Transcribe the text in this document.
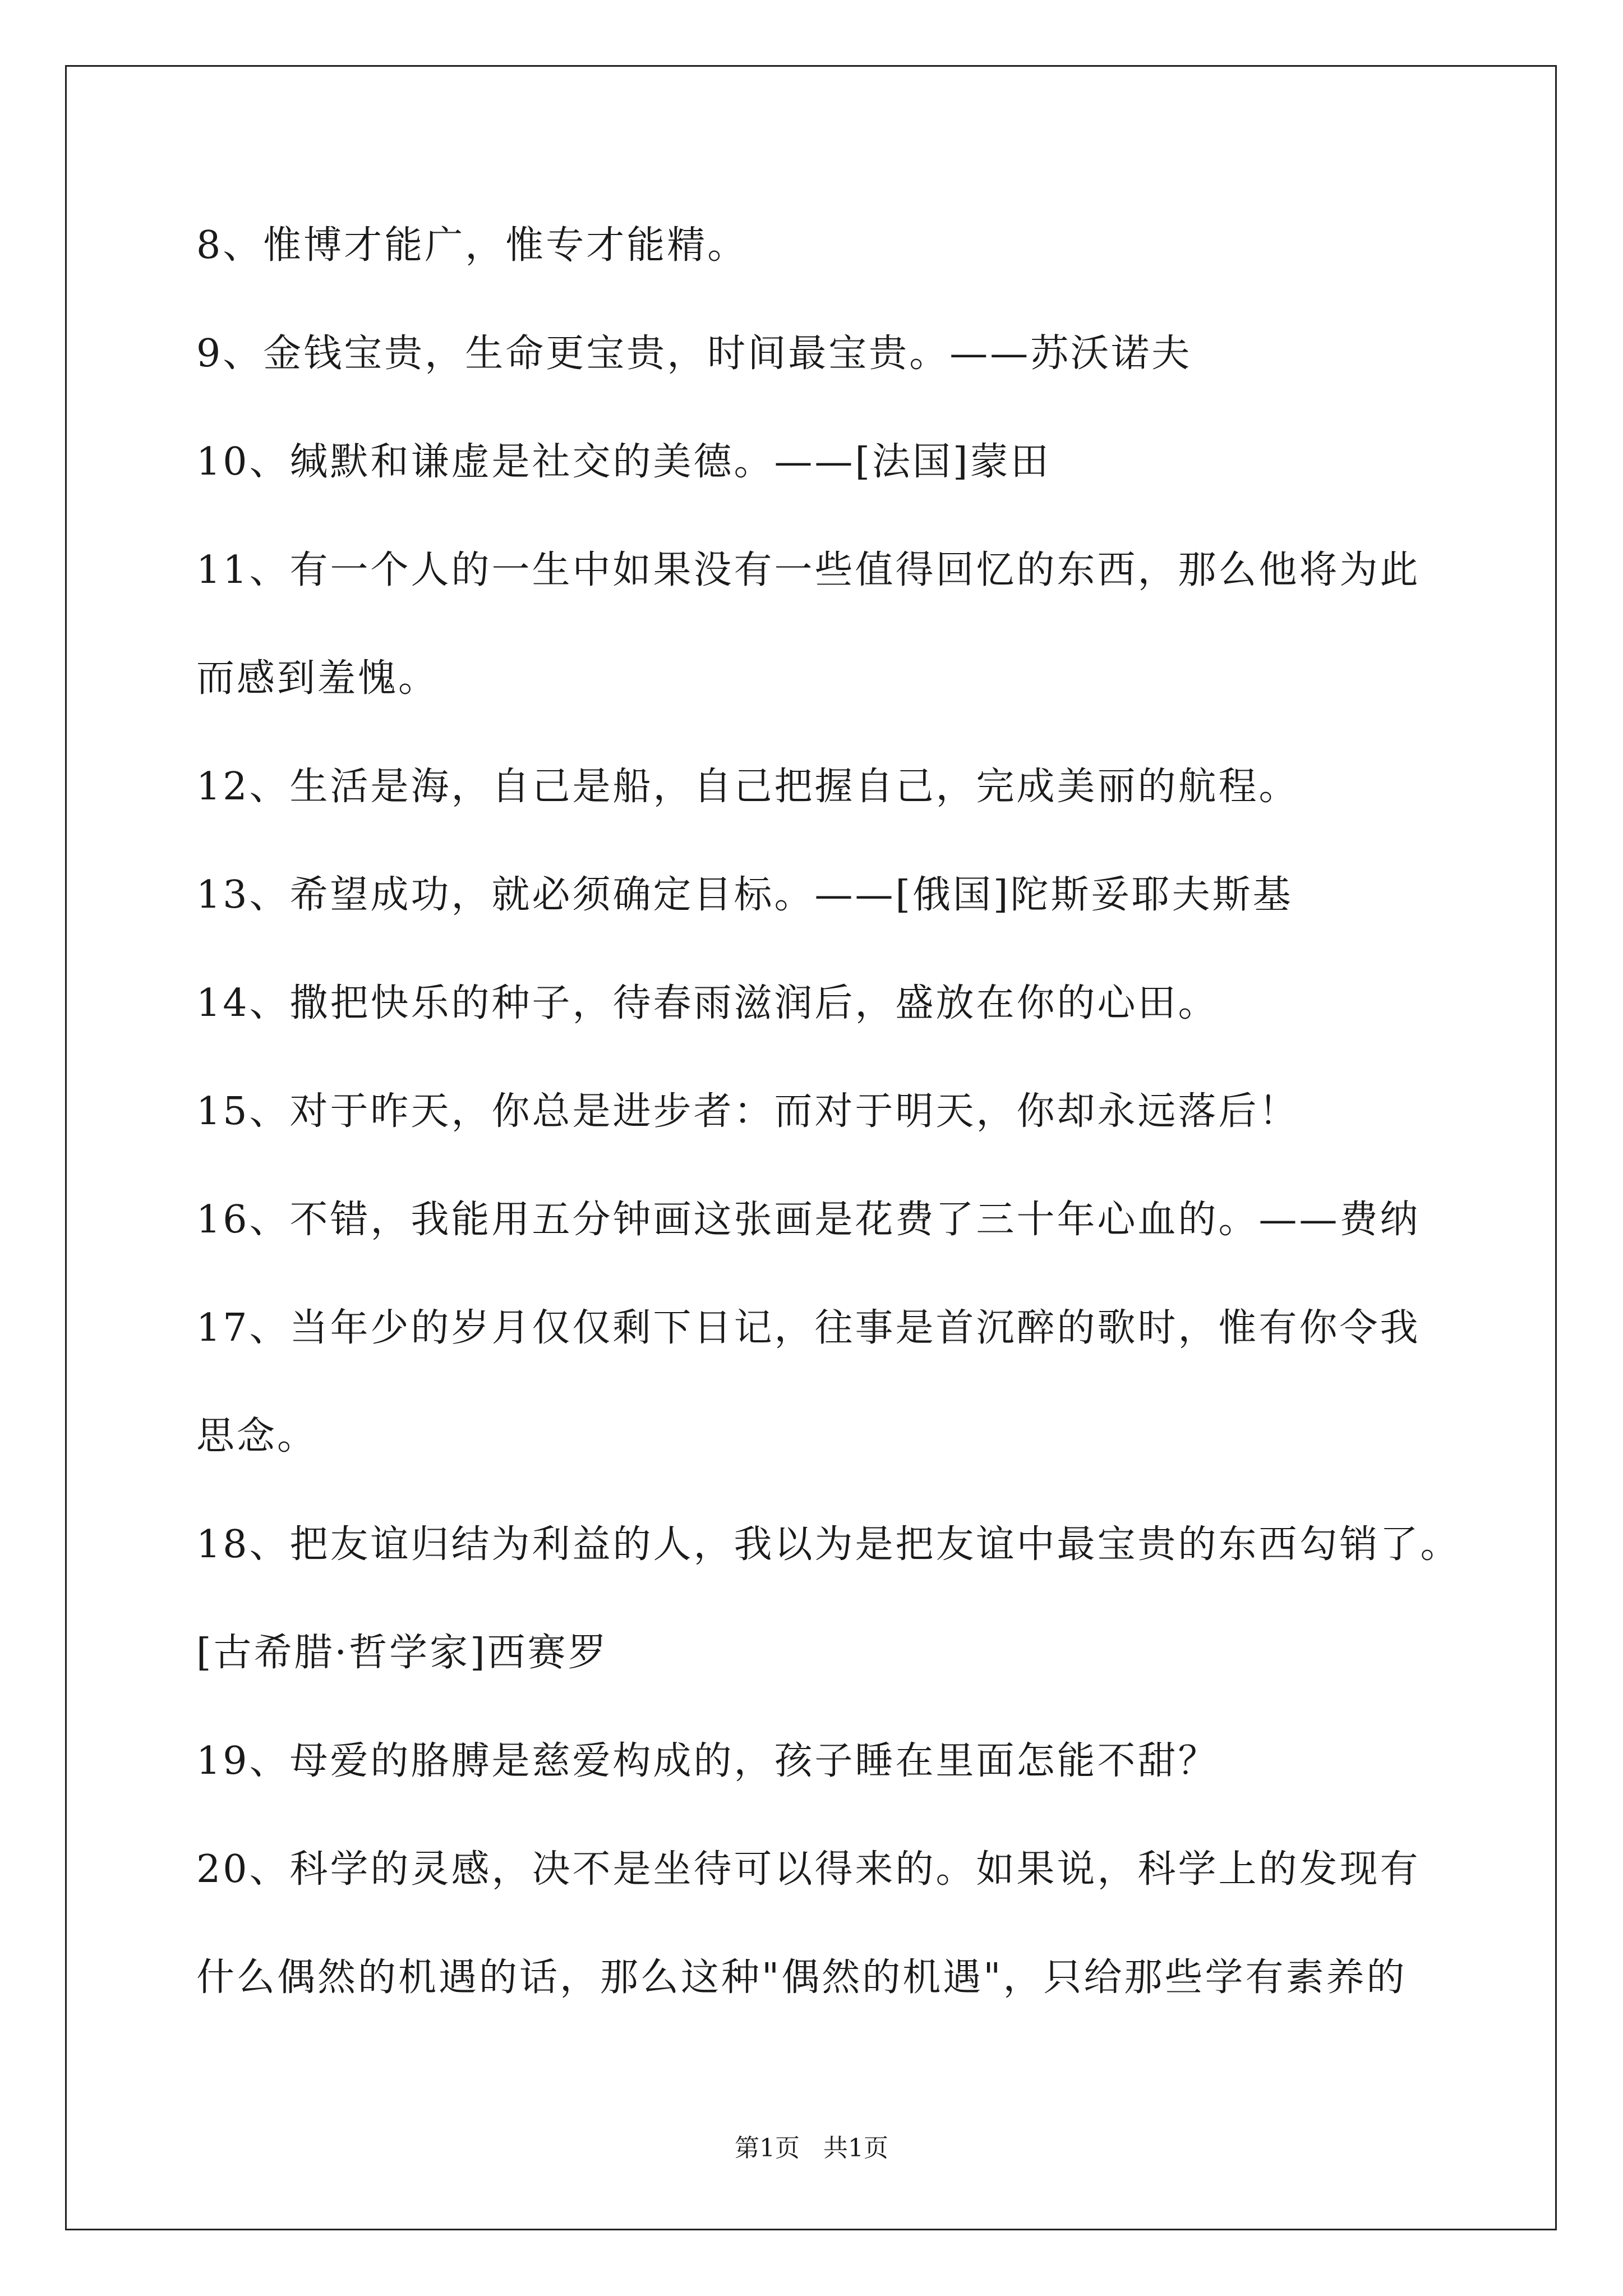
8、惟博才能广，惟专才能精。
9、金钱宝贵，生命更宝贵，时间最宝贵。——苏沃诺夫
10、缄默和谦虚是社交的美德。——[法国]蒙田
11、有一个人的一生中如果没有一些值得回忆的东西，那么他将为此
而感到羞愧。
12、生活是海，自己是船，自己把握自己，完成美丽的航程。
13、希望成功，就必须确定目标。——[俄国]陀斯妥耶夫斯基
14、撒把快乐的种子，待春雨滋润后，盛放在你的心田。
15、对于昨天，你总是进步者：而对于明天，你却永远落后！
16、不错，我能用五分钟画这张画是花费了三十年心血的。——费纳
17、当年少的岁月仅仅剩下日记，往事是首沉醉的歌时，惟有你令我
思念。
18、把友谊归结为利益的人，我以为是把友谊中最宝贵的东西勾销了。
[古希腊·哲学家]西赛罗
19、母爱的胳膊是慈爱构成的，孩子睡在里面怎能不甜？
20、科学的灵感，决不是坐待可以得来的。如果说，科学上的发现有
什么偶然的机遇的话，那么这种"偶然的机遇"，只给那些学有素养的
第1页   共1页
